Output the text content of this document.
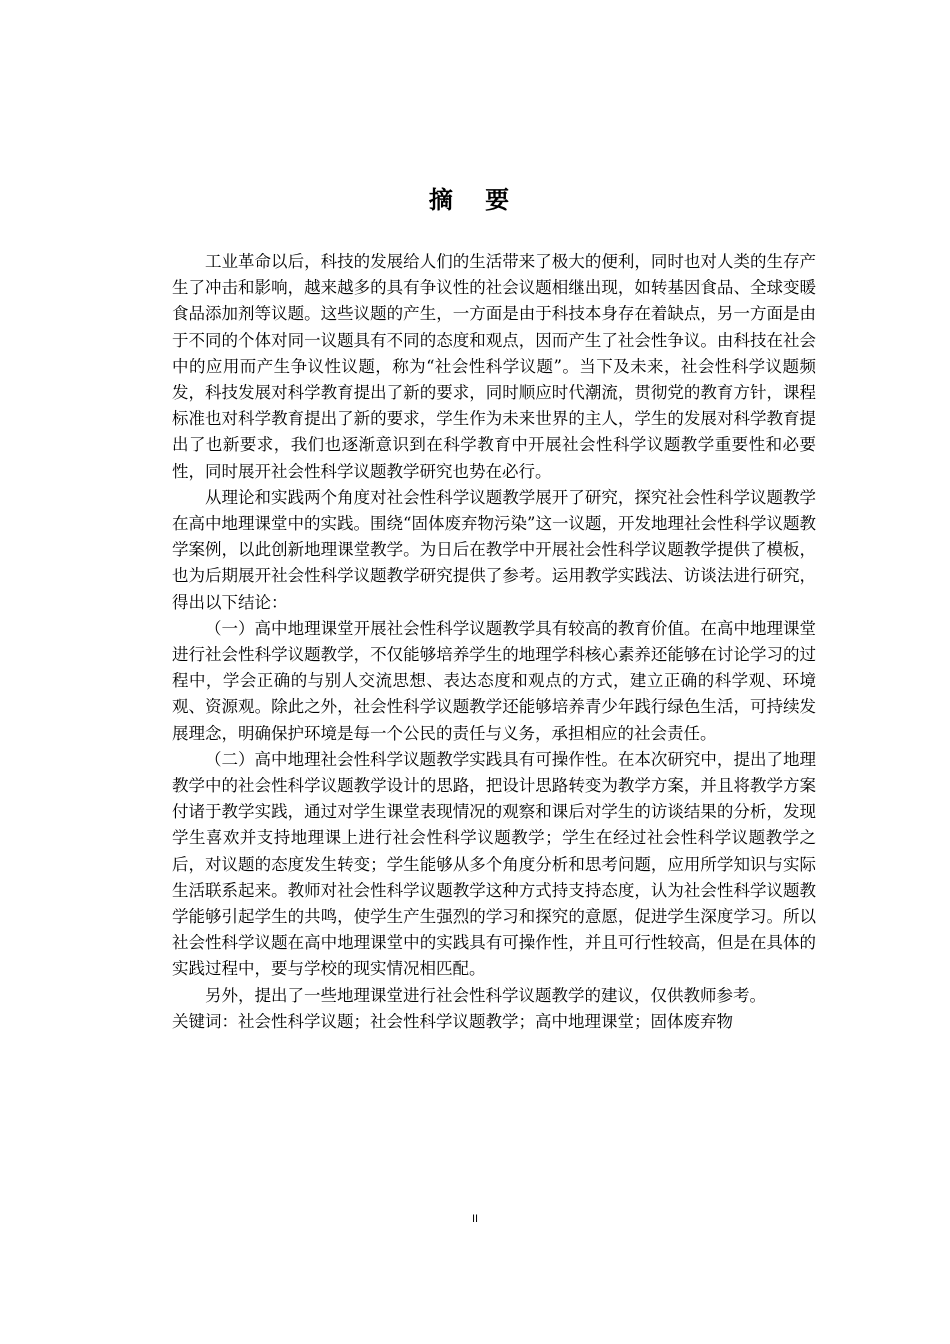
摘 要

工业革命以后，科技的发展给人们的生活带来了极大的便利，同时也对人类的生存产生了冲击和影响，越来越多的具有争议性的社会议题相继出现，如转基因食品、全球变暖 食品添加剂等议题。这些议题的产生，一方面是由于科技本身存在着缺点，另一方面是由于不同的个体对同一议题具有不同的态度和观点，因而产生了社会性争议。由科技在社会中的应用而产生争议性议题，称为“社会性科学议题”。当下及未来，社会性科学议题频发，科技发展对科学教育提出了新的要求，同时顺应时代潮流，贯彻党的教育方针，课程标准也对科学教育提出了新的要求，学生作为未来世界的主人，学生的发展对科学教育提出了也新要求，我们也逐渐意识到在科学教育中开展社会性科学议题教学重要性和必要性，同时展开社会性科学议题教学研究也势在必行。

从理论和实践两个角度对社会性科学议题教学展开了研究，探究社会性科学议题教学在高中地理课堂中的实践。围绕“固体废弃物污染”这一议题，开发地理社会性科学议题教学案例，以此创新地理课堂教学。为日后在教学中开展社会性科学议题教学提供了模板，也为后期展开社会性科学议题教学研究提供了参考。运用教学实践法、访谈法进行研究，得出以下结论：

（一）高中地理课堂开展社会性科学议题教学具有较高的教育价值。在高中地理课堂进行社会性科学议题教学，不仅能够培养学生的地理学科核心素养还能够在讨论学习的过程中，学会正确的与别人交流思想、表达态度和观点的方式，建立正确的科学观、环境观、资源观。除此之外，社会性科学议题教学还能够培养青少年践行绿色生活，可持续发展理念，明确保护环境是每一个公民的责任与义务，承担相应的社会责任。

（二）高中地理社会性科学议题教学实践具有可操作性。在本次研究中，提出了地理教学中的社会性科学议题教学设计的思路，把设计思路转变为教学方案，并且将教学方案付诸于教学实践，通过对学生课堂表现情况的观察和课后对学生的访谈结果的分析，发现学生喜欢并支持地理课上进行社会性科学议题教学；学生在经过社会性科学议题教学之后，对议题的态度发生转变；学生能够从多个角度分析和思考问题，应用所学知识与实际生活联系起来。教师对社会性科学议题教学这种方式持支持态度，认为社会性科学议题教学能够引起学生的共鸣，使学生产生强烈的学习和探究的意愿，促进学生深度学习。所以社会性科学议题在高中地理课堂中的实践具有可操作性，并且可行性较高，但是在具体的实践过程中，要与学校的现实情况相匹配。

另外，提出了一些地理课堂进行社会性科学议题教学的建议，仅供教师参考。

关键词：社会性科学议题；社会性科学议题教学；高中地理课堂；固体废弃物

II
